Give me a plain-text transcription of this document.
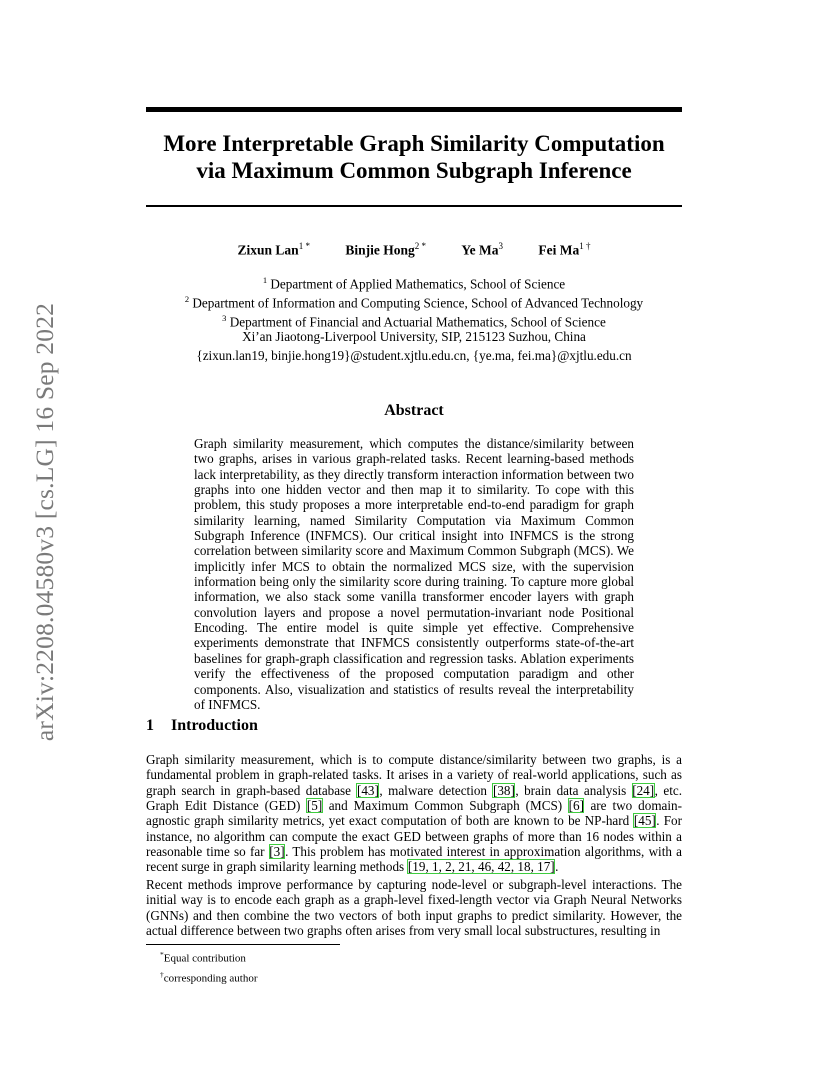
arXiv:2208.04580v3 [cs.LG] 16 Sep 2022
More Interpretable Graph Similarity Computation
via Maximum Common Subgraph Inference
Zixun Lan$^{1 *}$	Binjie Hong$^{2 *}$	Ye Ma$^3$	Fei $Ma^{1 \dagger}$
$^1$ Department of Applied Mathematics, School of Science
$^2$ Department of Information and Computing Science, School of Advanced Technology
$^3$ Department of Financial and Actuarial Mathematics, School of Science
Xi’an Jiaotong-Liverpool University, SIP, 215123 Suzhou, China
{zixun.lan19, binjie.hong19}@student.xjtlu.edu.cn, {ye.ma, fei.ma}@xjtlu.edu.cn
Abstract
Graph similarity measurement, which computes the distance/similarity between two graphs, arises in various graph-related tasks. Recent learning-based methods lack interpretability, as they directly transform interaction information between two graphs into one hidden vector and then map it to similarity. To cope with this problem, this study proposes a more interpretable end-to-end paradigm for graph similarity learning, named Similarity Computation via Maximum Common Subgraph Inference (INFMCS). Our critical insight into INFMCS is the strong correlation between similarity score and Maximum Common Subgraph (MCS). We implicitly infer MCS to obtain the normalized MCS size, with the supervision information being only the similarity score during training. To capture more global information, we also stack some vanilla transformer encoder layers with graph convolution layers and propose a novel permutation-invariant node Positional Encoding. The entire model is quite simple yet effective. Comprehensive experiments demonstrate that INFMCS consistently outperforms state-of-the-art baselines for graph-graph classification and regression tasks. Ablation experiments verify the effectiveness of the proposed computation paradigm and other components. Also, visualization and statistics of results reveal the interpretability of INFMCS.
1 Introduction
Graph similarity measurement, which is to compute distance/similarity between two graphs, is a fundamental problem in graph-related tasks. It arises in a variety of real-world applications, such as graph search in graph-based database [43], malware detection [38], brain data analysis [24], etc. Graph Edit Distance (GED) [5] and Maximum Common Subgraph (MCS) [6] are two domain-agnostic graph similarity metrics, yet exact computation of both are known to be NP-hard [45]. For instance, no algorithm can compute the exact GED between graphs of more than 16 nodes within a reasonable time so far [3]. This problem has motivated interest in approximation algorithms, with a recent surge in graph similarity learning methods [19, 1, 2, 21, 46, 42, 18, 17].
Recent methods improve performance by capturing node-level or subgraph-level interactions. The initial way is to encode each graph as a graph-level fixed-length vector via Graph Neural Networks (GNNs) and then combine the two vectors of both input graphs to predict similarity. However, the actual difference between two graphs often arises from very small local substructures, resulting in
*Equal contribution
†corresponding author
